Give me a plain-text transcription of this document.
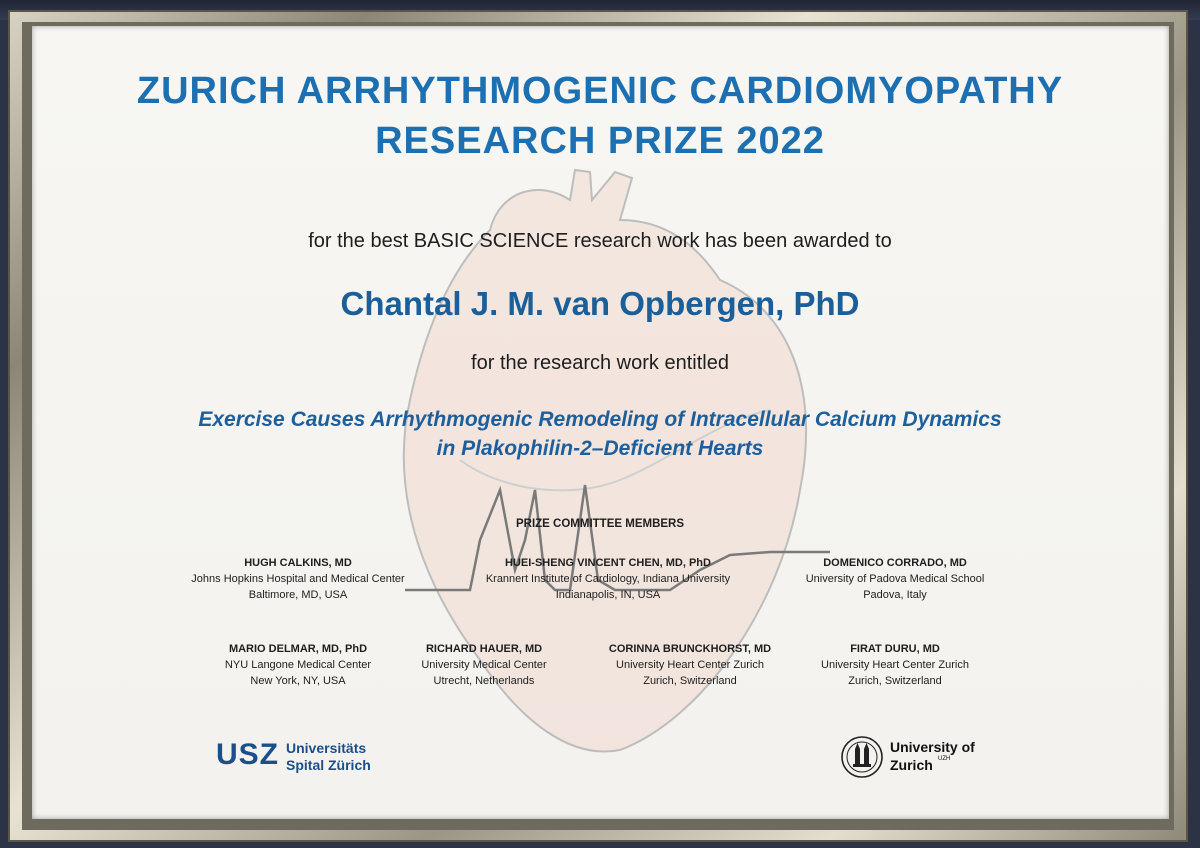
ZURICH ARRHYTHMOGENIC CARDIOMYOPATHY
RESEARCH PRIZE 2022
for the best BASIC SCIENCE research work has been awarded to
Chantal J. M. van Opbergen, PhD
for the research work entitled
Exercise Causes Arrhythmogenic Remodeling of Intracellular Calcium Dynamics
in Plakophilin-2–Deficient Hearts
PRIZE COMMITTEE MEMBERS
HUGH CALKINS, MD
Johns Hopkins Hospital and Medical Center
Baltimore, MD, USA
HUEI-SHENG VINCENT CHEN, MD, PhD
Krannert Institute of Cardiology, Indiana University
Indianapolis, IN, USA
DOMENICO CORRADO, MD
University of Padova Medical School
Padova, Italy
MARIO DELMAR, MD, PhD
NYU Langone Medical Center
New York, NY, USA
RICHARD HAUER, MD
University Medical Center
Utrecht, Netherlands
CORINNA BRUNCKHORST, MD
University Heart Center Zurich
Zurich, Switzerland
FIRAT DURU, MD
University Heart Center Zurich
Zurich, Switzerland
USZ Universitäts
Spital Zürich
University of
Zurich UZH
